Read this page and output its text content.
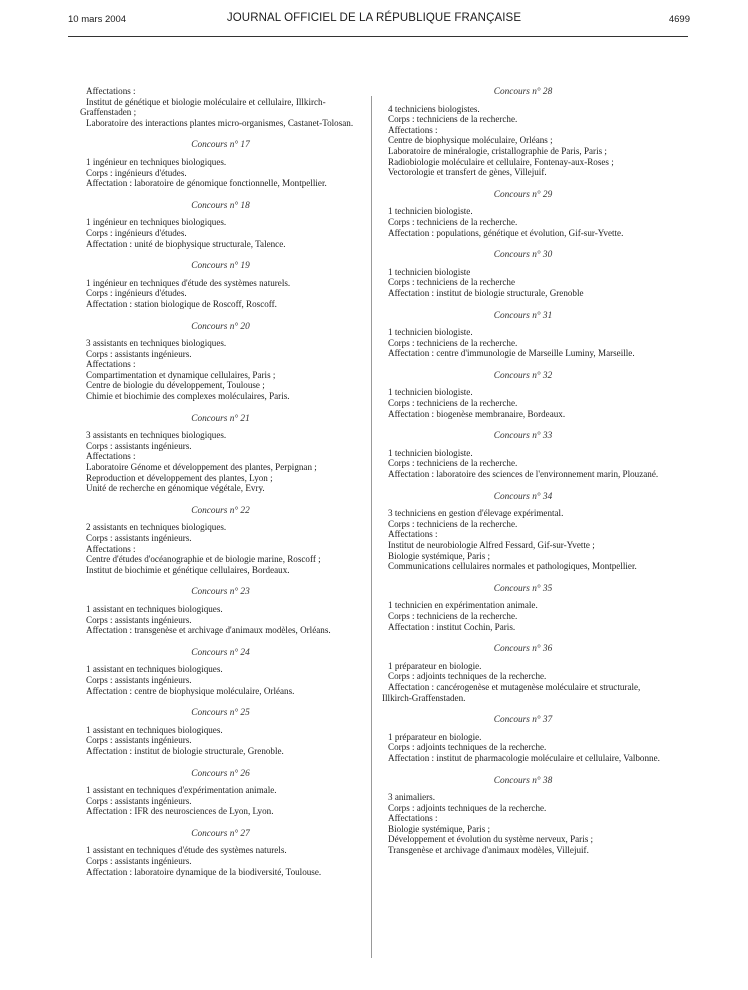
10 mars 2004	JOURNAL OFFICIEL DE LA RÉPUBLIQUE FRANÇAISE	4699
Affectations :
Institut de génétique et biologie moléculaire et cellulaire, Illkirch-Graffenstaden ;
Laboratoire des interactions plantes micro-organismes, Castanet-Tolosan.
Concours n° 17
1 ingénieur en techniques biologiques.
Corps : ingénieurs d'études.
Affectation : laboratoire de génomique fonctionnelle, Montpellier.
Concours n° 18
1 ingénieur en techniques biologiques.
Corps : ingénieurs d'études.
Affectation : unité de biophysique structurale, Talence.
Concours n° 19
1 ingénieur en techniques d'étude des systèmes naturels.
Corps : ingénieurs d'études.
Affectation : station biologique de Roscoff, Roscoff.
Concours n° 20
3 assistants en techniques biologiques.
Corps : assistants ingénieurs.
Affectations :
Compartimentation et dynamique cellulaires, Paris ;
Centre de biologie du développement, Toulouse ;
Chimie et biochimie des complexes moléculaires, Paris.
Concours n° 21
3 assistants en techniques biologiques.
Corps : assistants ingénieurs.
Affectations :
Laboratoire Génome et développement des plantes, Perpignan ;
Reproduction et développement des plantes, Lyon ;
Unité de recherche en génomique végétale, Evry.
Concours n° 22
2 assistants en techniques biologiques.
Corps : assistants ingénieurs.
Affectations :
Centre d'études d'océanographie et de biologie marine, Roscoff ;
Institut de biochimie et génétique cellulaires, Bordeaux.
Concours n° 23
1 assistant en techniques biologiques.
Corps : assistants ingénieurs.
Affectation : transgenèse et archivage d'animaux modèles, Orléans.
Concours n° 24
1 assistant en techniques biologiques.
Corps : assistants ingénieurs.
Affectation : centre de biophysique moléculaire, Orléans.
Concours n° 25
1 assistant en techniques biologiques.
Corps : assistants ingénieurs.
Affectation : institut de biologie structurale, Grenoble.
Concours n° 26
1 assistant en techniques d'expérimentation animale.
Corps : assistants ingénieurs.
Affectation : IFR des neurosciences de Lyon, Lyon.
Concours n° 27
1 assistant en techniques d'étude des systèmes naturels.
Corps : assistants ingénieurs.
Affectation : laboratoire dynamique de la biodiversité, Toulouse.
Concours n° 28
4 techniciens biologistes.
Corps : techniciens de la recherche.
Affectations :
Centre de biophysique moléculaire, Orléans ;
Laboratoire de minéralogie, cristallographie de Paris, Paris ;
Radiobiologie moléculaire et cellulaire, Fontenay-aux-Roses ;
Vectorologie et transfert de gènes, Villejuif.
Concours n° 29
1 technicien biologiste.
Corps : techniciens de la recherche.
Affectation : populations, génétique et évolution, Gif-sur-Yvette.
Concours n° 30
1 technicien biologiste
Corps : techniciens de la recherche
Affectation : institut de biologie structurale, Grenoble
Concours n° 31
1 technicien biologiste.
Corps : techniciens de la recherche.
Affectation : centre d'immunologie de Marseille Luminy, Marseille.
Concours n° 32
1 technicien biologiste.
Corps : techniciens de la recherche.
Affectation : biogenèse membranaire, Bordeaux.
Concours n° 33
1 technicien biologiste.
Corps : techniciens de la recherche.
Affectation : laboratoire des sciences de l'environnement marin, Plouzané.
Concours n° 34
3 techniciens en gestion d'élevage expérimental.
Corps : techniciens de la recherche.
Affectations :
Institut de neurobiologie Alfred Fessard, Gif-sur-Yvette ;
Biologie systémique, Paris ;
Communications cellulaires normales et pathologiques, Montpellier.
Concours n° 35
1 technicien en expérimentation animale.
Corps : techniciens de la recherche.
Affectation : institut Cochin, Paris.
Concours n° 36
1 préparateur en biologie.
Corps : adjoints techniques de la recherche.
Affectation : cancérogenèse et mutagenèse moléculaire et structurale, Illkirch-Graffenstaden.
Concours n° 37
1 préparateur en biologie.
Corps : adjoints techniques de la recherche.
Affectation : institut de pharmacologie moléculaire et cellulaire, Valbonne.
Concours n° 38
3 animaliers.
Corps : adjoints techniques de la recherche.
Affectations :
Biologie systémique, Paris ;
Développement et évolution du système nerveux, Paris ;
Transgenèse et archivage d'animaux modèles, Villejuif.
